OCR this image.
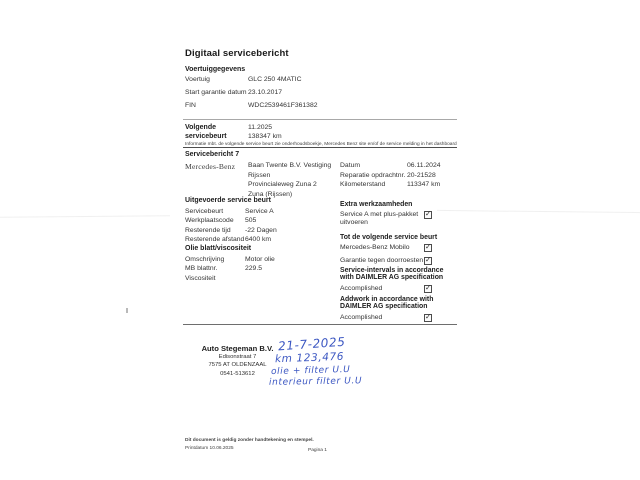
Digitaal servicebericht
Voertuiggegevens
Voertuig	GLC 250 4MATIC
Start garantie datum 23.10.2017
FIN	WDC2539461F361382
Volgende
servicebeurt
11.2025
138347 km
Informatie mbt. de volgende service beurt zie onderhoudsboekje, Mercedes Benz site en/of de service melding in het dashboard
Servicebericht 7
Mercedes-Benz Baan Twente B.V. Vestiging
Rijssen
Provincialeweg Zuna 2
Zuna (Rijssen)
Datum	06.11.2024
Reparatie opdrachtnr. 20-21528
Kilometerstand	113347 km
Uitgevoerde service beurt
Servicebeurt	Service A
Werkplaatscode 505
Resterende tijd -22 Dagen
Resterende afstand 6400 km
Olie blatt/viscositeit
Omschrijving	Motor olie
MB blattnr.	229.5
Viscositeit
Extra werkzaamheden
Service A met plus-pakket uitvoeren
✓
Tot de volgende service beurt
Mercedes-Benz Mobilo ✓
Garantie tegen doorroesten ✓
Service-intervals in accordance with DAIMLER AG specification
Accomplished	✓
Addwork in accordance with DAIMLER AG specification
Accomplished	✓
Auto Stegeman B.V.
Edisonstraat 7
7575 AT OLDENZAAL
0541-513612
21-7-2025
km 123,476
olie + filter U.U
interieur filter U.U
Dit document is geldig zonder handtekening en stempel.
Printdatum 10.06.2025	Pagina 1
